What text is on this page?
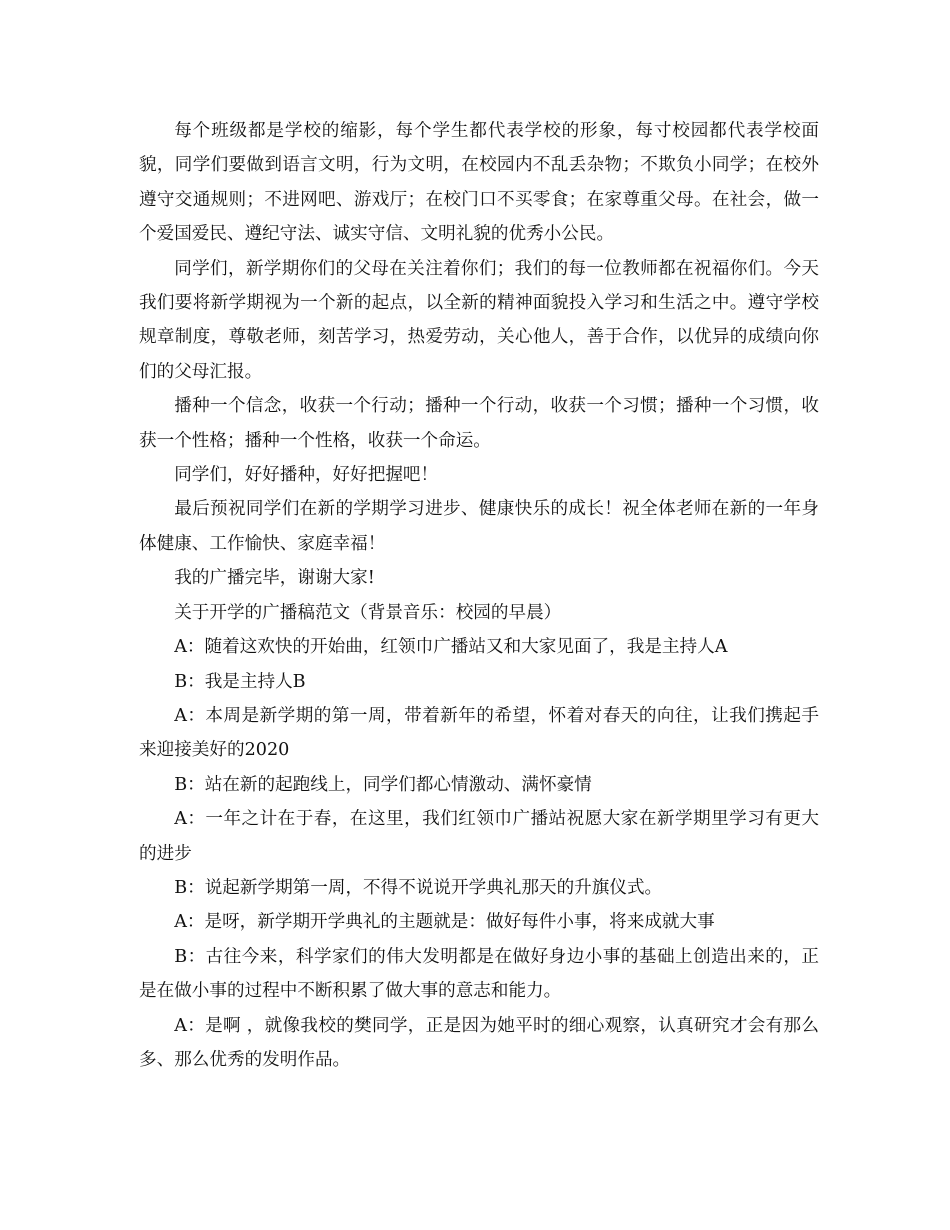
每个班级都是学校的缩影，每个学生都代表学校的形象，每寸校园都代表学校面貌，同学们要做到语言文明，行为文明，在校园内不乱丢杂物；不欺负小同学；在校外遵守交通规则；不进网吧、游戏厅；在校门口不买零食；在家尊重父母。在社会，做一个爱国爱民、遵纪守法、诚实守信、文明礼貌的优秀小公民。

同学们，新学期你们的父母在关注着你们；我们的每一位教师都在祝福你们。今天我们要将新学期视为一个新的起点，以全新的精神面貌投入学习和生活之中。遵守学校规章制度，尊敬老师，刻苦学习，热爱劳动，关心他人，善于合作，以优异的成绩向你们的父母汇报。

播种一个信念，收获一个行动；播种一个行动，收获一个习惯；播种一个习惯，收获一个性格；播种一个性格，收获一个命运。

同学们，好好播种，好好把握吧！

最后预祝同学们在新的学期学习进步、健康快乐的成长！祝全体老师在新的一年身体健康、工作愉快、家庭幸福！

我的广播完毕，谢谢大家!

关于开学的广播稿范文（背景音乐：校园的早晨）

A：随着这欢快的开始曲，红领巾广播站又和大家见面了，我是主持人A

B：我是主持人B

A：本周是新学期的第一周，带着新年的希望，怀着对春天的向往，让我们携起手来迎接美好的2020

B：站在新的起跑线上，同学们都心情激动、满怀豪情

A：一年之计在于春，在这里，我们红领巾广播站祝愿大家在新学期里学习有更大的进步

B：说起新学期第一周，不得不说说开学典礼那天的升旗仪式。

A：是呀，新学期开学典礼的主题就是：做好每件小事，将来成就大事

B：古往今来，科学家们的伟大发明都是在做好身边小事的基础上创造出来的，正是在做小事的过程中不断积累了做大事的意志和能力。

A：是啊 ，就像我校的樊同学，正是因为她平时的细心观察，认真研究才会有那么多、那么优秀的发明作品。
